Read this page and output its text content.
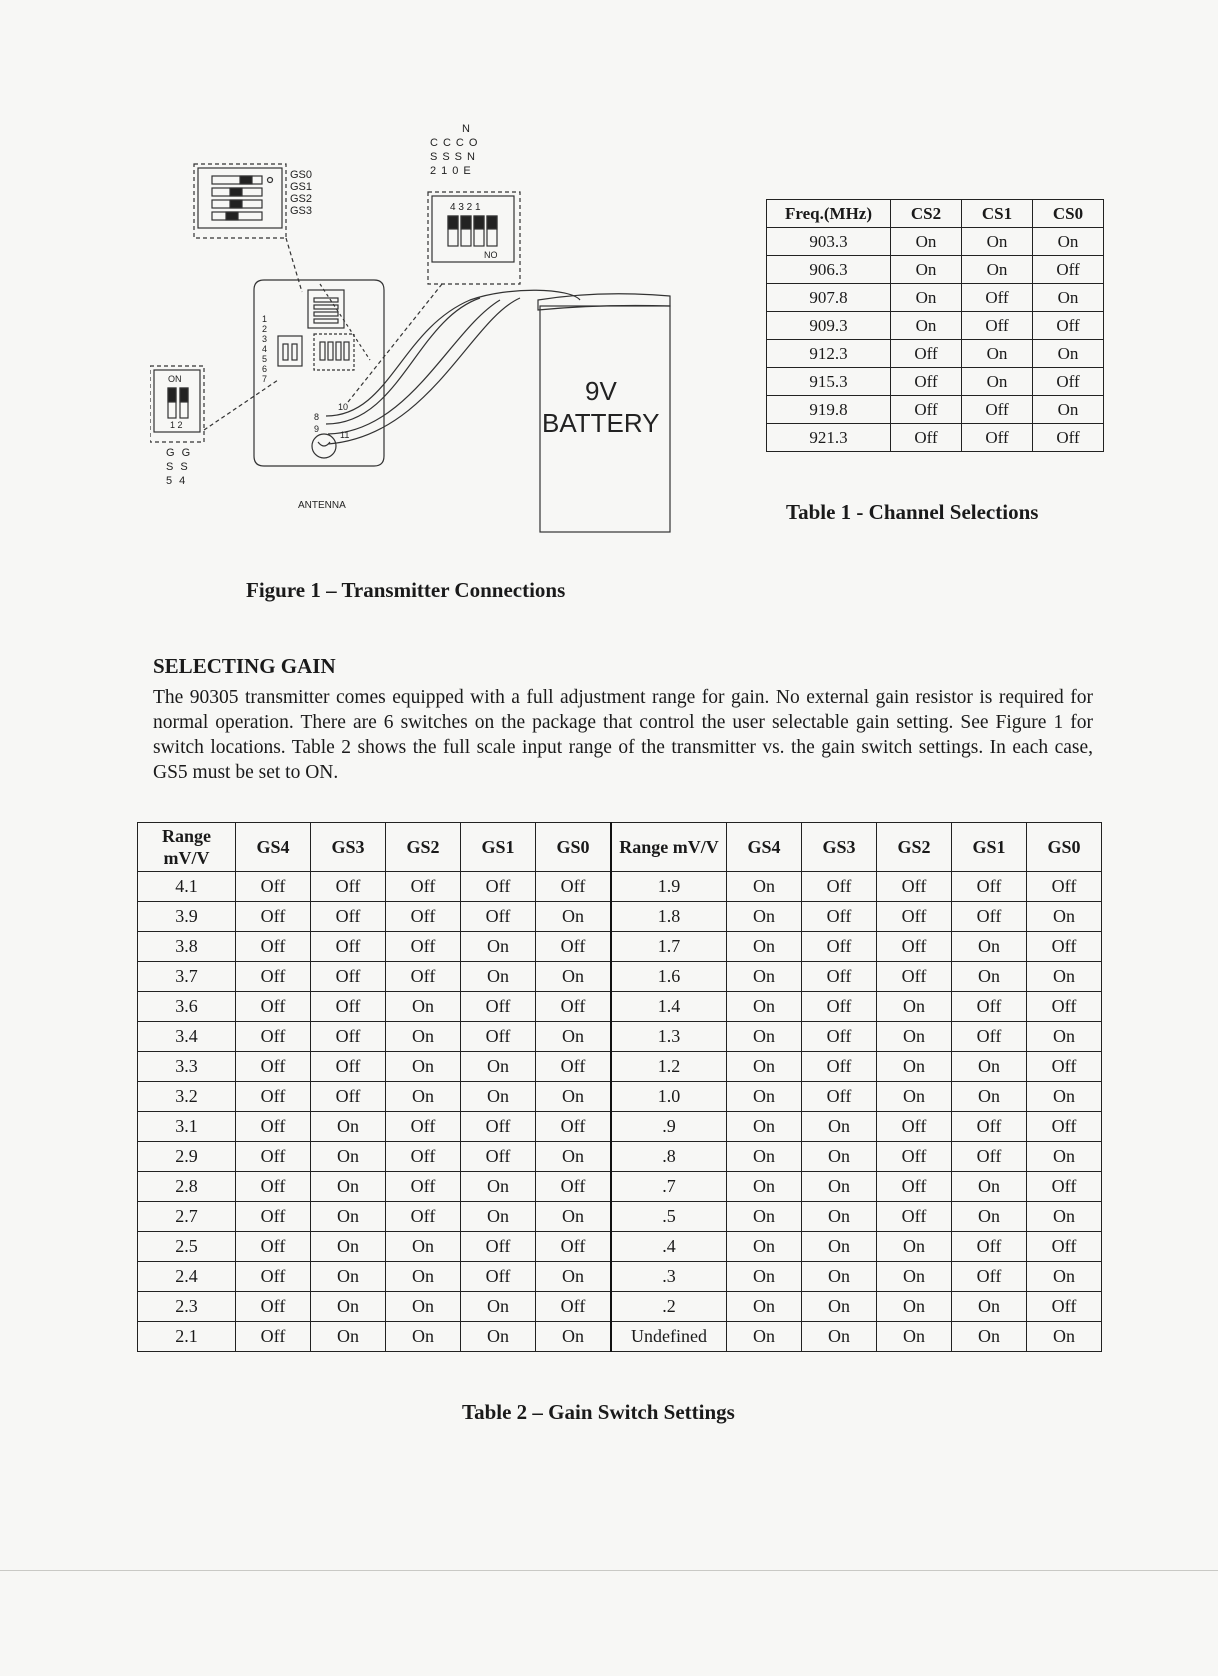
GS0
GS1
GS2
GS3
N
CCCO
SSSN
210E
4 3 2 1
NO
ON
1 2
G G
S S
5 4
1
2
3
4
5
6
7
8
9
10
11
ANTENNA
9V
BATTERY
Figure 1 – Transmitter Connections
Freq.(MHz)	CS2	CS1	CS0
903.3	On	On	On
906.3	On	On	Off
907.8	On	Off	On
909.3	On	Off	Off
912.3	Off	On	On
915.3	Off	On	Off
919.8	Off	Off	On
921.3	Off	Off	Off
Table 1 - Channel Selections
SELECTING GAIN
The 90305 transmitter comes equipped with a full adjustment range for gain. No external gain resistor is required for normal operation. There are 6 switches on the package that control the user selectable gain setting. See Figure 1 for switch locations. Table 2 shows the full scale input range of the transmitter vs. the gain switch settings. In each case, GS5 must be set to ON.
Range mV/V	GS4	GS3	GS2	GS1	GS0	Range mV/V	GS4	GS3	GS2	GS1	GS0
4.1	Off	Off	Off	Off	Off	1.9	On	Off	Off	Off	Off
3.9	Off	Off	Off	Off	On	1.8	On	Off	Off	Off	On
3.8	Off	Off	Off	On	Off	1.7	On	Off	Off	On	Off
3.7	Off	Off	Off	On	On	1.6	On	Off	Off	On	On
3.6	Off	Off	On	Off	Off	1.4	On	Off	On	Off	Off
3.4	Off	Off	On	Off	On	1.3	On	Off	On	Off	On
3.3	Off	Off	On	On	Off	1.2	On	Off	On	On	Off
3.2	Off	Off	On	On	On	1.0	On	Off	On	On	On
3.1	Off	On	Off	Off	Off	.9	On	On	Off	Off	Off
2.9	Off	On	Off	Off	On	.8	On	On	Off	Off	On
2.8	Off	On	Off	On	Off	.7	On	On	Off	On	Off
2.7	Off	On	Off	On	On	.5	On	On	Off	On	On
2.5	Off	On	On	Off	Off	.4	On	On	On	Off	Off
2.4	Off	On	On	Off	On	.3	On	On	On	Off	On
2.3	Off	On	On	On	Off	.2	On	On	On	On	Off
2.1	Off	On	On	On	On	Undefined	On	On	On	On	On
Table 2 – Gain Switch Settings
